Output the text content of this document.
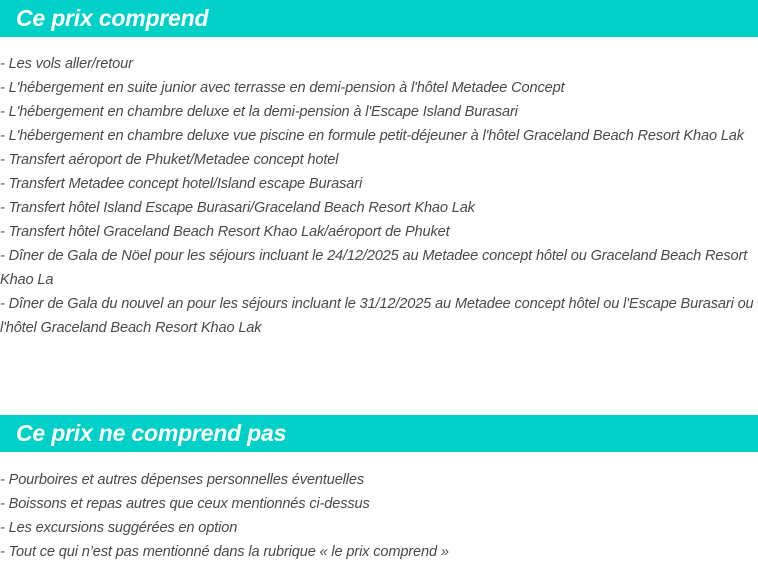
Ce prix comprend
- Les vols aller/retour
- L'hébergement en suite junior avec terrasse en demi-pension à l'hôtel Metadee Concept
- L'hébergement en chambre deluxe et la demi-pension à l'Escape Island Burasari
- L'hébergement en chambre deluxe vue piscine en formule petit-déjeuner à l'hôtel Graceland Beach Resort Khao Lak
- Transfert aéroport de Phuket/Metadee concept hotel
- Transfert Metadee concept hotel/Island escape Burasari
- Transfert hôtel Island Escape Burasari/Graceland Beach Resort Khao Lak
- Transfert hôtel Graceland Beach Resort Khao Lak/aéroport de Phuket
- Dîner de Gala de Nöel pour les séjours incluant le 24/12/2025 au Metadee concept hôtel ou Graceland Beach Resort Khao La
- Dîner de Gala du nouvel an pour les séjours incluant le 31/12/2025 au Metadee concept hôtel ou l'Escape Burasari ou l'hôtel Graceland Beach Resort Khao Lak
Ce prix ne comprend pas
- Pourboires et autres dépenses personnelles éventuelles
- Boissons et repas autres que ceux mentionnés ci-dessus
- Les excursions suggérées en option
- Tout ce qui n’est pas mentionné dans la rubrique « le prix comprend »
